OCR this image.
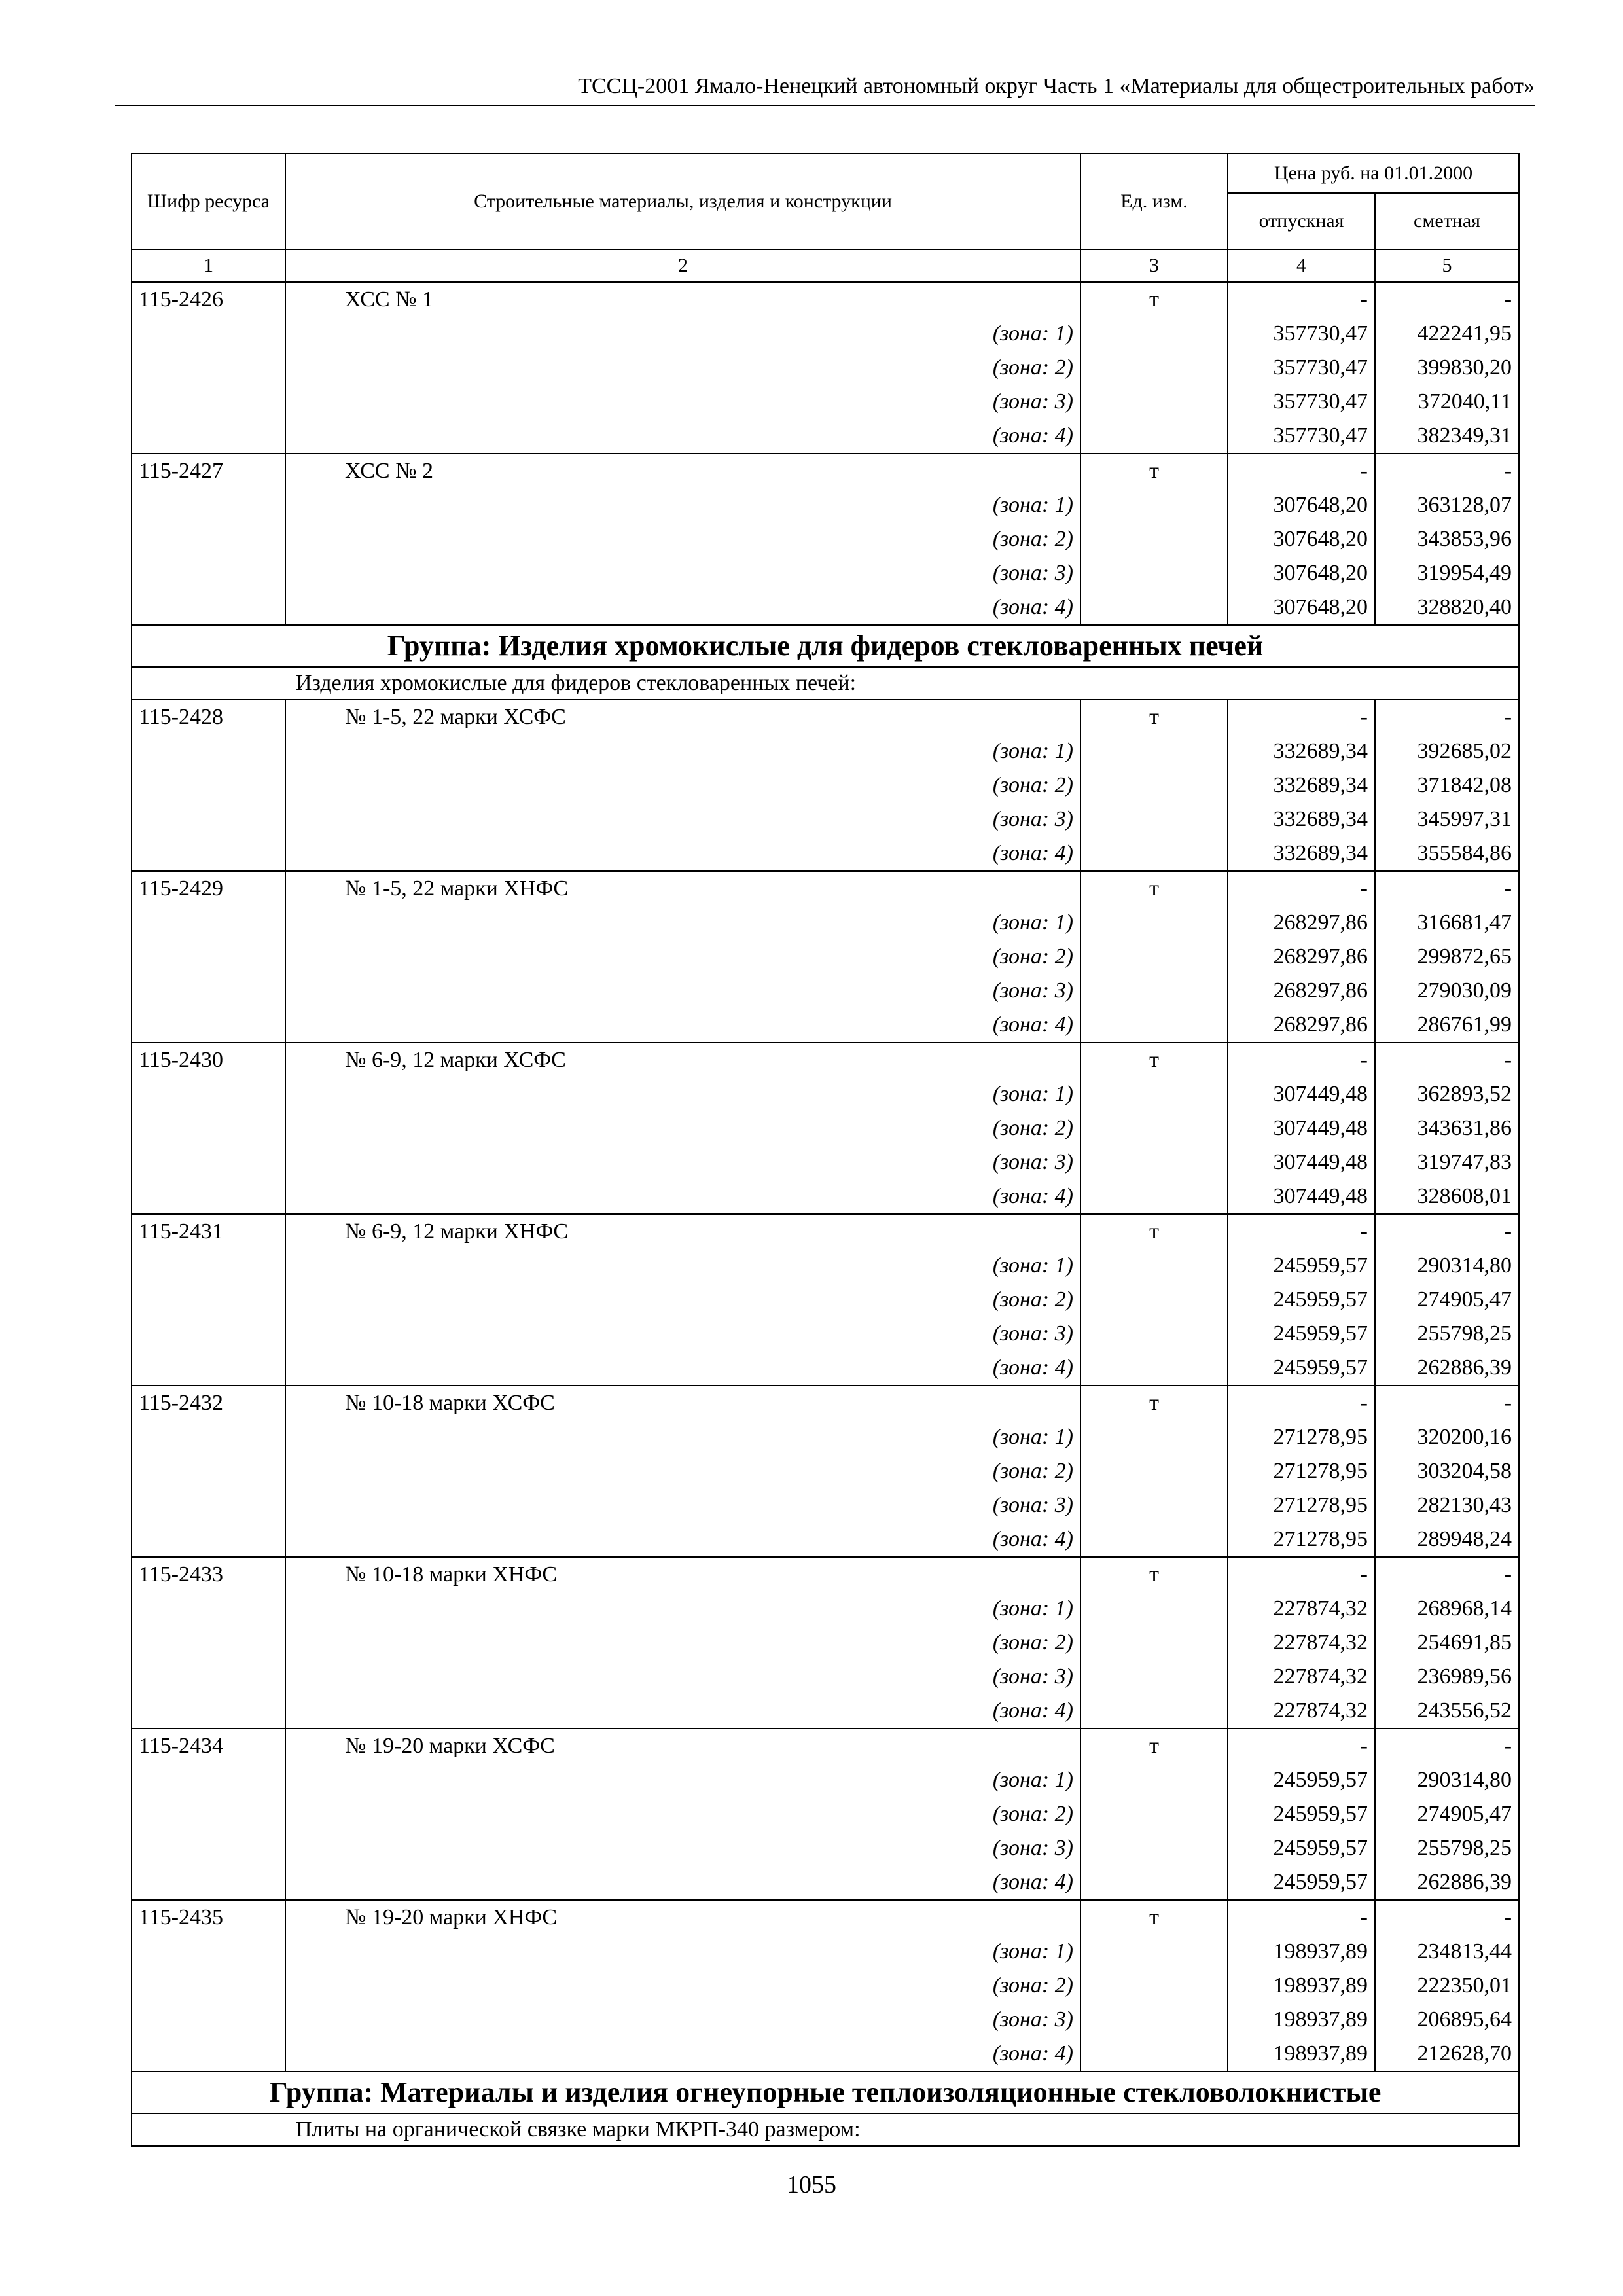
ТССЦ-2001 Ямало-Ненецкий автономный округ Часть 1 «Материалы для общестроительных работ»
Шифр ресурса	Строительные материалы, изделия и конструкции	Ед. изм.	Цена руб. на 01.01.2000	
			отпускная	сметная
1	2	3	4	5
115-2426	ХСС № 1	т	-	-
	(зона: 1)		357730,47	422241,95
	(зона: 2)		357730,47	399830,20
	(зона: 3)		357730,47	372040,11
	(зона: 4)		357730,47	382349,31
115-2427	ХСС № 2	т	-	-
	(зона: 1)		307648,20	363128,07
	(зона: 2)		307648,20	343853,96
	(зона: 3)		307648,20	319954,49
	(зона: 4)		307648,20	328820,40
Группа: Изделия хромокислые для фидеров стекловаренных печей				
Изделия хромокислые для фидеров стекловаренных печей:				
115-2428	№ 1-5, 22 марки ХСФС	т	-	-
	(зона: 1)		332689,34	392685,02
	(зона: 2)		332689,34	371842,08
	(зона: 3)		332689,34	345997,31
	(зона: 4)		332689,34	355584,86
115-2429	№ 1-5, 22 марки ХНФС	т	-	-
	(зона: 1)		268297,86	316681,47
	(зона: 2)		268297,86	299872,65
	(зона: 3)		268297,86	279030,09
	(зона: 4)		268297,86	286761,99
115-2430	№ 6-9, 12 марки ХСФС	т	-	-
	(зона: 1)		307449,48	362893,52
	(зона: 2)		307449,48	343631,86
	(зона: 3)		307449,48	319747,83
	(зона: 4)		307449,48	328608,01
115-2431	№ 6-9, 12 марки ХНФС	т	-	-
	(зона: 1)		245959,57	290314,80
	(зона: 2)		245959,57	274905,47
	(зона: 3)		245959,57	255798,25
	(зона: 4)		245959,57	262886,39
115-2432	№ 10-18 марки ХСФС	т	-	-
	(зона: 1)		271278,95	320200,16
	(зона: 2)		271278,95	303204,58
	(зона: 3)		271278,95	282130,43
	(зона: 4)		271278,95	289948,24
115-2433	№ 10-18 марки ХНФС	т	-	-
	(зона: 1)		227874,32	268968,14
	(зона: 2)		227874,32	254691,85
	(зона: 3)		227874,32	236989,56
	(зона: 4)		227874,32	243556,52
115-2434	№ 19-20 марки ХСФС	т	-	-
	(зона: 1)		245959,57	290314,80
	(зона: 2)		245959,57	274905,47
	(зона: 3)		245959,57	255798,25
	(зона: 4)		245959,57	262886,39
115-2435	№ 19-20 марки ХНФС	т	-	-
	(зона: 1)		198937,89	234813,44
	(зона: 2)		198937,89	222350,01
	(зона: 3)		198937,89	206895,64
	(зона: 4)		198937,89	212628,70
Группа: Материалы и изделия огнеупорные теплоизоляционные стекловолокнистые				
Плиты на органической связке марки МКРП-340 размером:				
1055
